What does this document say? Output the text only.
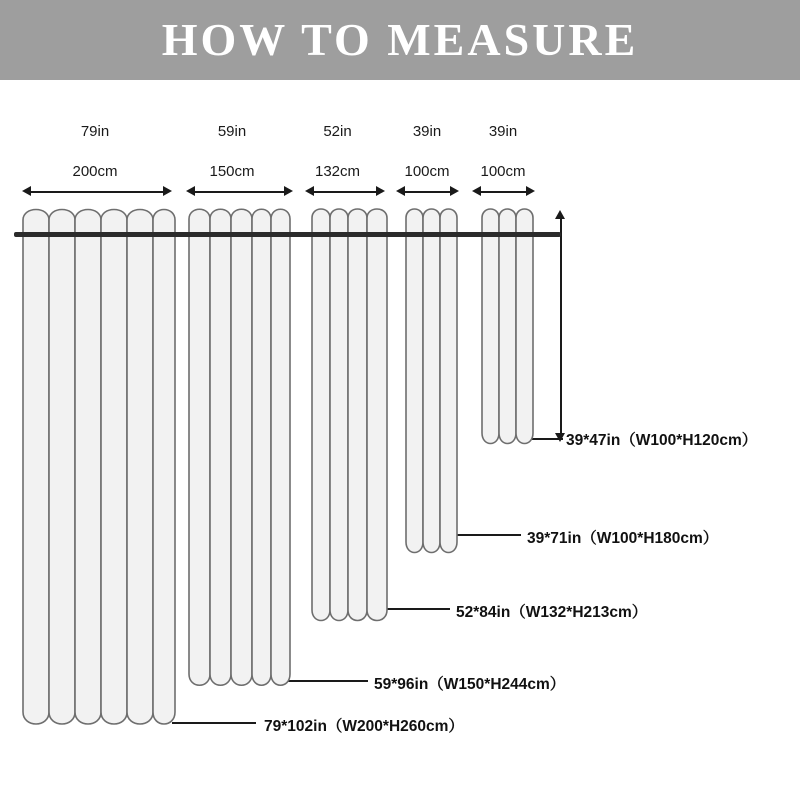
HOW TO MEASURE
79in	59in	52in	39in	39in
200cm	150cm	132cm	100cm	100cm
39*47in（W100*H120cm）
39*71in（W100*H180cm）
52*84in（W132*H213cm）
59*96in（W150*H244cm）
79*102in（W200*H260cm）
